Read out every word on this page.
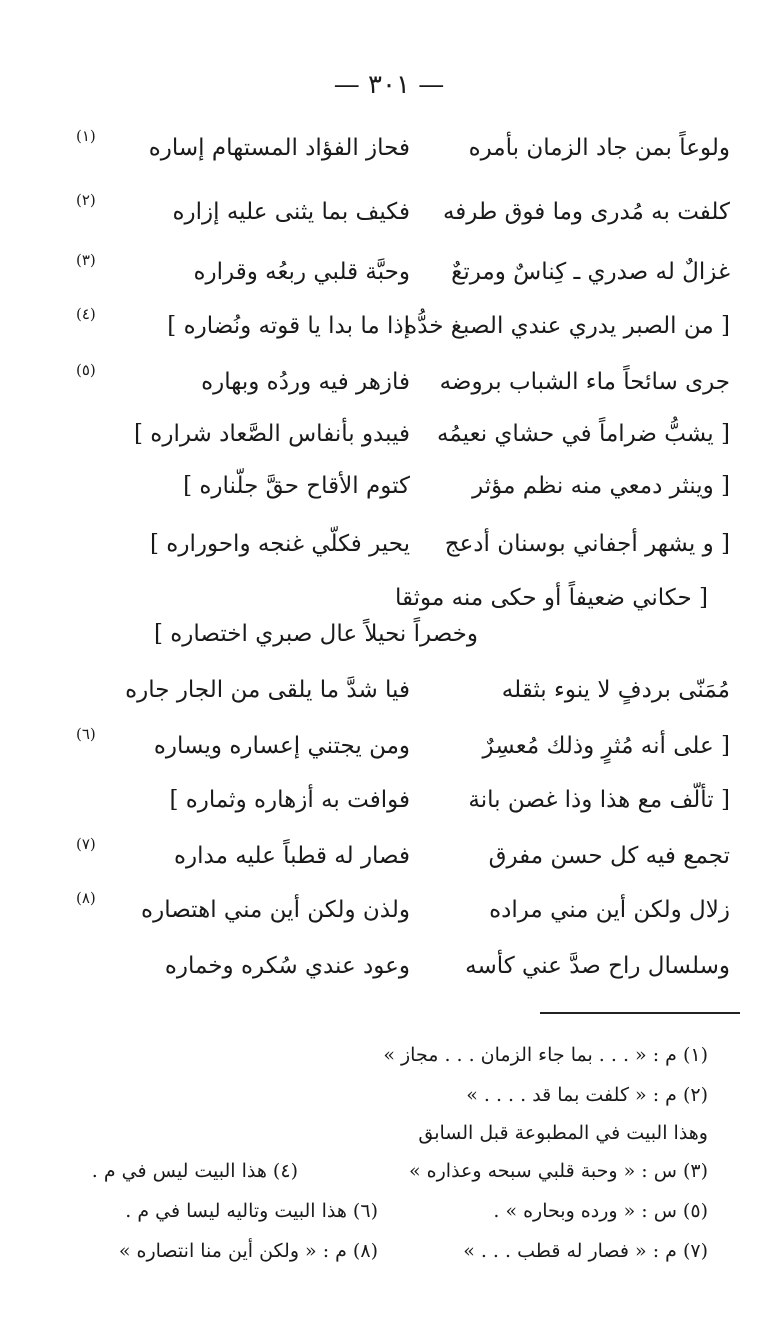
— ٣٠١ —
ولوعاً بمن جاد الزمان بأمره
فحاز الفؤاد المستهام إساره
(١)
كلفت به مُدرى وما فوق طرفه
فكيف بما يثنى عليه إزاره
(٢)
غزالٌ له صدري ـ كِناسٌ ومرتعٌ
وحبَّة قلبي ربعُه وقراره
(٣)
[ من الصبر يدري عندي الصبغ خدُّه
إذا ما بدا يا قوته ونُضاره ]
(٤)
جرى سائحاً ماء الشباب بروضه
فازهر فيه وردُه وبهاره
(٥)
[ يشبُّ ضراماً في حشاي نعيمُه
فيبدو بأنفاس الصَّعاد شراره ]
[ وينثر دمعي منه نظم مؤثر
كتوم الأقاح حقَّ جلّناره ]
[ و يشهر أجفاني بوسنان أدعج
يحير فكلّي غنجه واحوراره ]
[ حكاني ضعيفاً أو حكى منه موثقا
وخصراً نحيلاً عال صبري اختصاره ]
مُمَنّى بردفٍ لا ينوء بثقله
فيا شدَّ ما يلقى من الجار جاره
[ على أنه مُثرٍ وذلك مُعسِرٌ
ومن يجتني إعساره ويساره
(٦)
[ تألّف مع هذا وذا غصن بانة
فوافت به أزهاره وثماره ]
تجمع فيه كل حسن مفرق
فصار له قطباً عليه مداره
(٧)
زلال ولكن أين مني مراده
ولذن ولكن أين مني اهتصاره
(٨)
وسلسال راح صدَّ عني كأسه
وعود عندي سُكره وخماره
(١) م : « . . . بما جاء الزمان . . . مجاز »
(٢) م : « كلفت بما قد . . . . »
وهذا البيت في المطبوعة قبل السابق
(٣) س : « وحبة قلبي سبحه وعذاره »
(٤) هذا البيت ليس في م .
(٥) س : « ورده وبحاره » .
(٦) هذا البيت وتاليه ليسا في م .
(٧) م : « فصار له قطب . . . »
(٨) م : « ولكن أين منا انتصاره »
